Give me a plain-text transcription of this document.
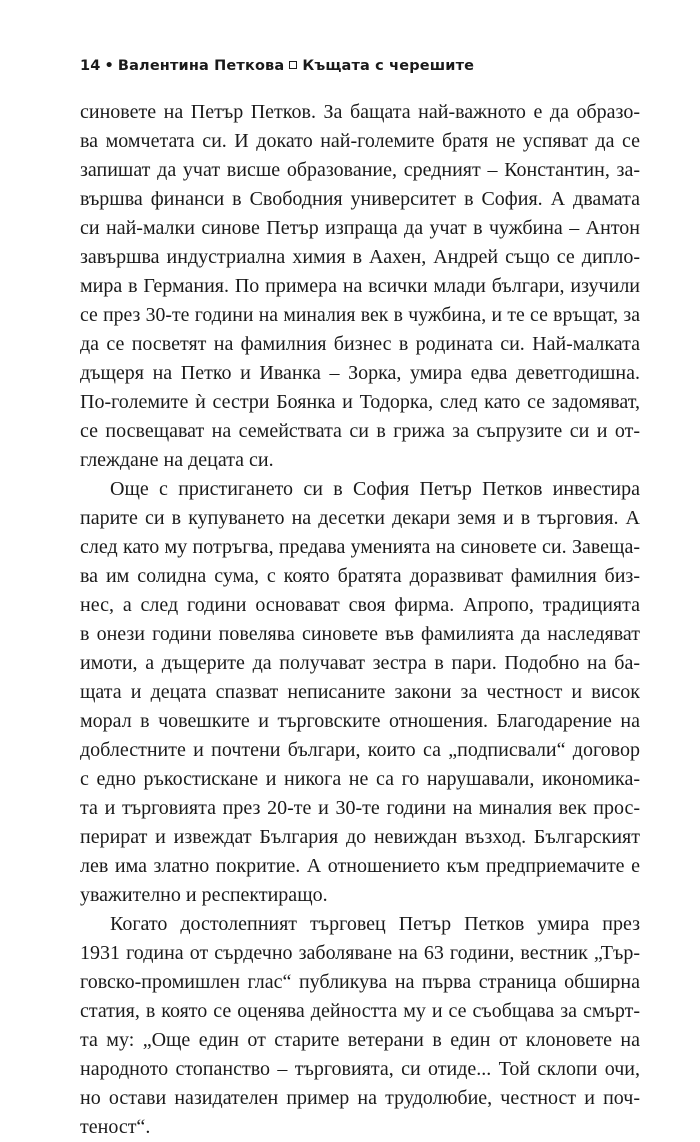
14 • Валентина Петкова Къщата с черешите
синовете на Петър Петков. За бащата най-важното е да образо-
ва момчетата си. И докато най-големите братя не успяват да се
запишат да учат висше образование, средният – Константин, за-
вършва финанси в Свободния университет в София. А двамата
си най-малки синове Петър изпраща да учат в чужбина – Антон
завършва индустриална химия в Аахен, Андрей също се дипло-
мира в Германия. По примера на всички млади българи, изучили
се през 30-те години на миналия век в чужбина, и те се връщат, за
да се посветят на фамилния бизнес в родината си. Най-малката
дъщеря на Петко и Иванка – Зорка, умира едва деветгодишна.
По-големите ѝ сестри Боянка и Тодорка, след като се задомяват,
се посвещават на семействата си в грижа за съпрузите си и от-
глеждане на децата си.
Още с пристигането си в София Петър Петков инвестира
парите си в купуването на десетки декари земя и в търговия. А
след като му потръгва, предава уменията на синовете си. Завеща-
ва им солидна сума, с която братята доразвиват фамилния биз-
нес, а след години основават своя фирма. Апропо, традицията
в онези години повелява синовете във фамилията да наследяват
имоти, а дъщерите да получават зестра в пари. Подобно на ба-
щата и децата спазват неписаните закони за честност и висок
морал в човешките и търговските отношения. Благодарение на
доблестните и почтени българи, които са „подписвали“ договор
с едно ръкостискане и никога не са го нарушавали, икономика-
та и търговията през 20-те и 30-те години на миналия век прос-
перират и извеждат България до невиждан възход. Българският
лев има златно покритие. А отношението към предприемачите е
уважително и респектиращо.
Когато достолепният търговец Петър Петков умира през
1931 година от сърдечно заболяване на 63 години, вестник „Тър-
говско-промишлен глас“ публикува на първа страница обширна
статия, в която се оценява дейността му и се съобщава за смърт-
та му: „Още един от старите ветерани в един от клоновете на
народното стопанство – търговията, си отиде... Той склопи очи,
но остави назидателен пример на трудолюбие, честност и поч-
теност“.
